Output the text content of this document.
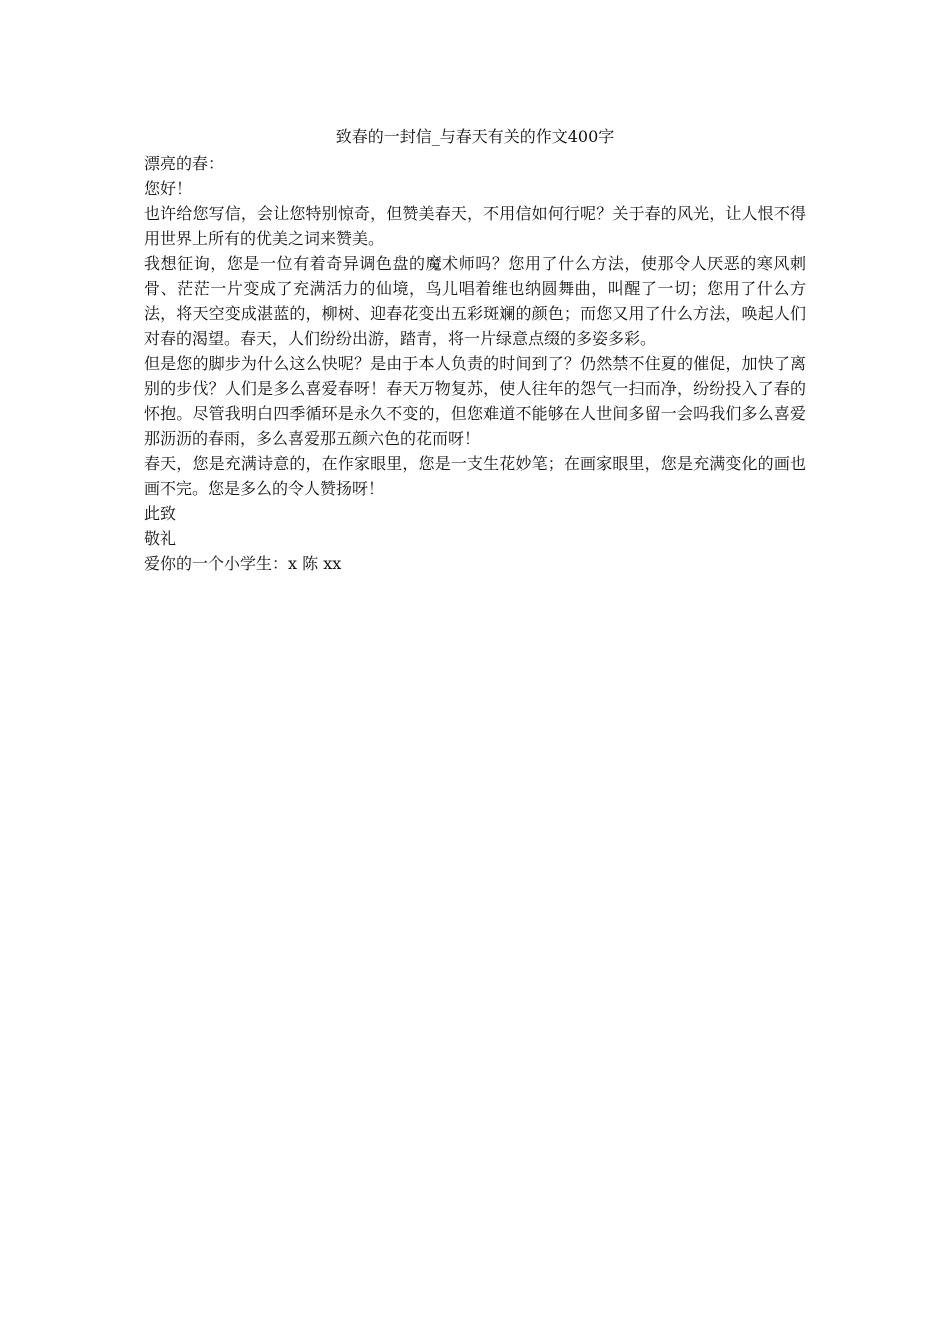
致春的一封信_与春天有关的作文400字

漂亮的春：

您好！

也许给您写信，会让您特别惊奇，但赞美春天，不用信如何行呢？关于春的风光，让人恨不得用世界上所有的优美之词来赞美。

我想征询，您是一位有着奇异调色盘的魔术师吗？您用了什么方法，使那令人厌恶的寒风刺骨、茫茫一片变成了充满活力的仙境，鸟儿唱着维也纳圆舞曲，叫醒了一切；您用了什么方法，将天空变成湛蓝的，柳树、迎春花变出五彩斑斓的颜色；而您又用了什么方法，唤起人们对春的渴望。春天，人们纷纷出游，踏青，将一片绿意点缀的多姿多彩。

但是您的脚步为什么这么快呢？是由于本人负责的时间到了？仍然禁不住夏的催促，加快了离别的步伐？人们是多么喜爱春呀！春天万物复苏，使人往年的怨气一扫而净，纷纷投入了春的怀抱。尽管我明白四季循环是永久不变的，但您难道不能够在人世间多留一会吗我们多么喜爱那沥沥的春雨，多么喜爱那五颜六色的花而呀！

春天，您是充满诗意的，在作家眼里，您是一支生花妙笔；在画家眼里，您是充满变化的画也画不完。您是多么的令人赞扬呀！

此致

敬礼

爱你的一个小学生：x 陈 xx
